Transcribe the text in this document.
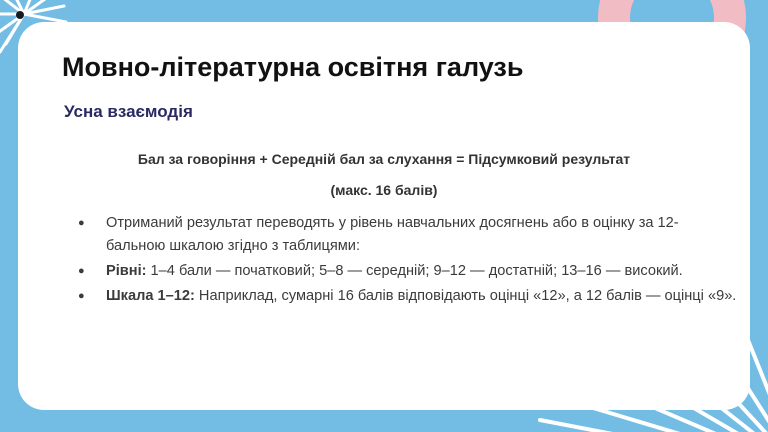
Мовно-літературна освітня галузь
Усна взаємодія

Бал за говоріння + Середній бал за слухання = Підсумковий результат

(макс. 16 балів)

● Отриманий результат переводять у рівень навчальних досягнень або в оцінку за 12-бальною шкалою згідно з таблицями:
● Рівні: 1–4 бали — початковий; 5–8 — середній; 9–12 — достатній; 13–16 — високий.
● Шкала 1–12: Наприклад, сумарні 16 балів відповідають оцінці «12», а 12 балів — оцінці «9».
